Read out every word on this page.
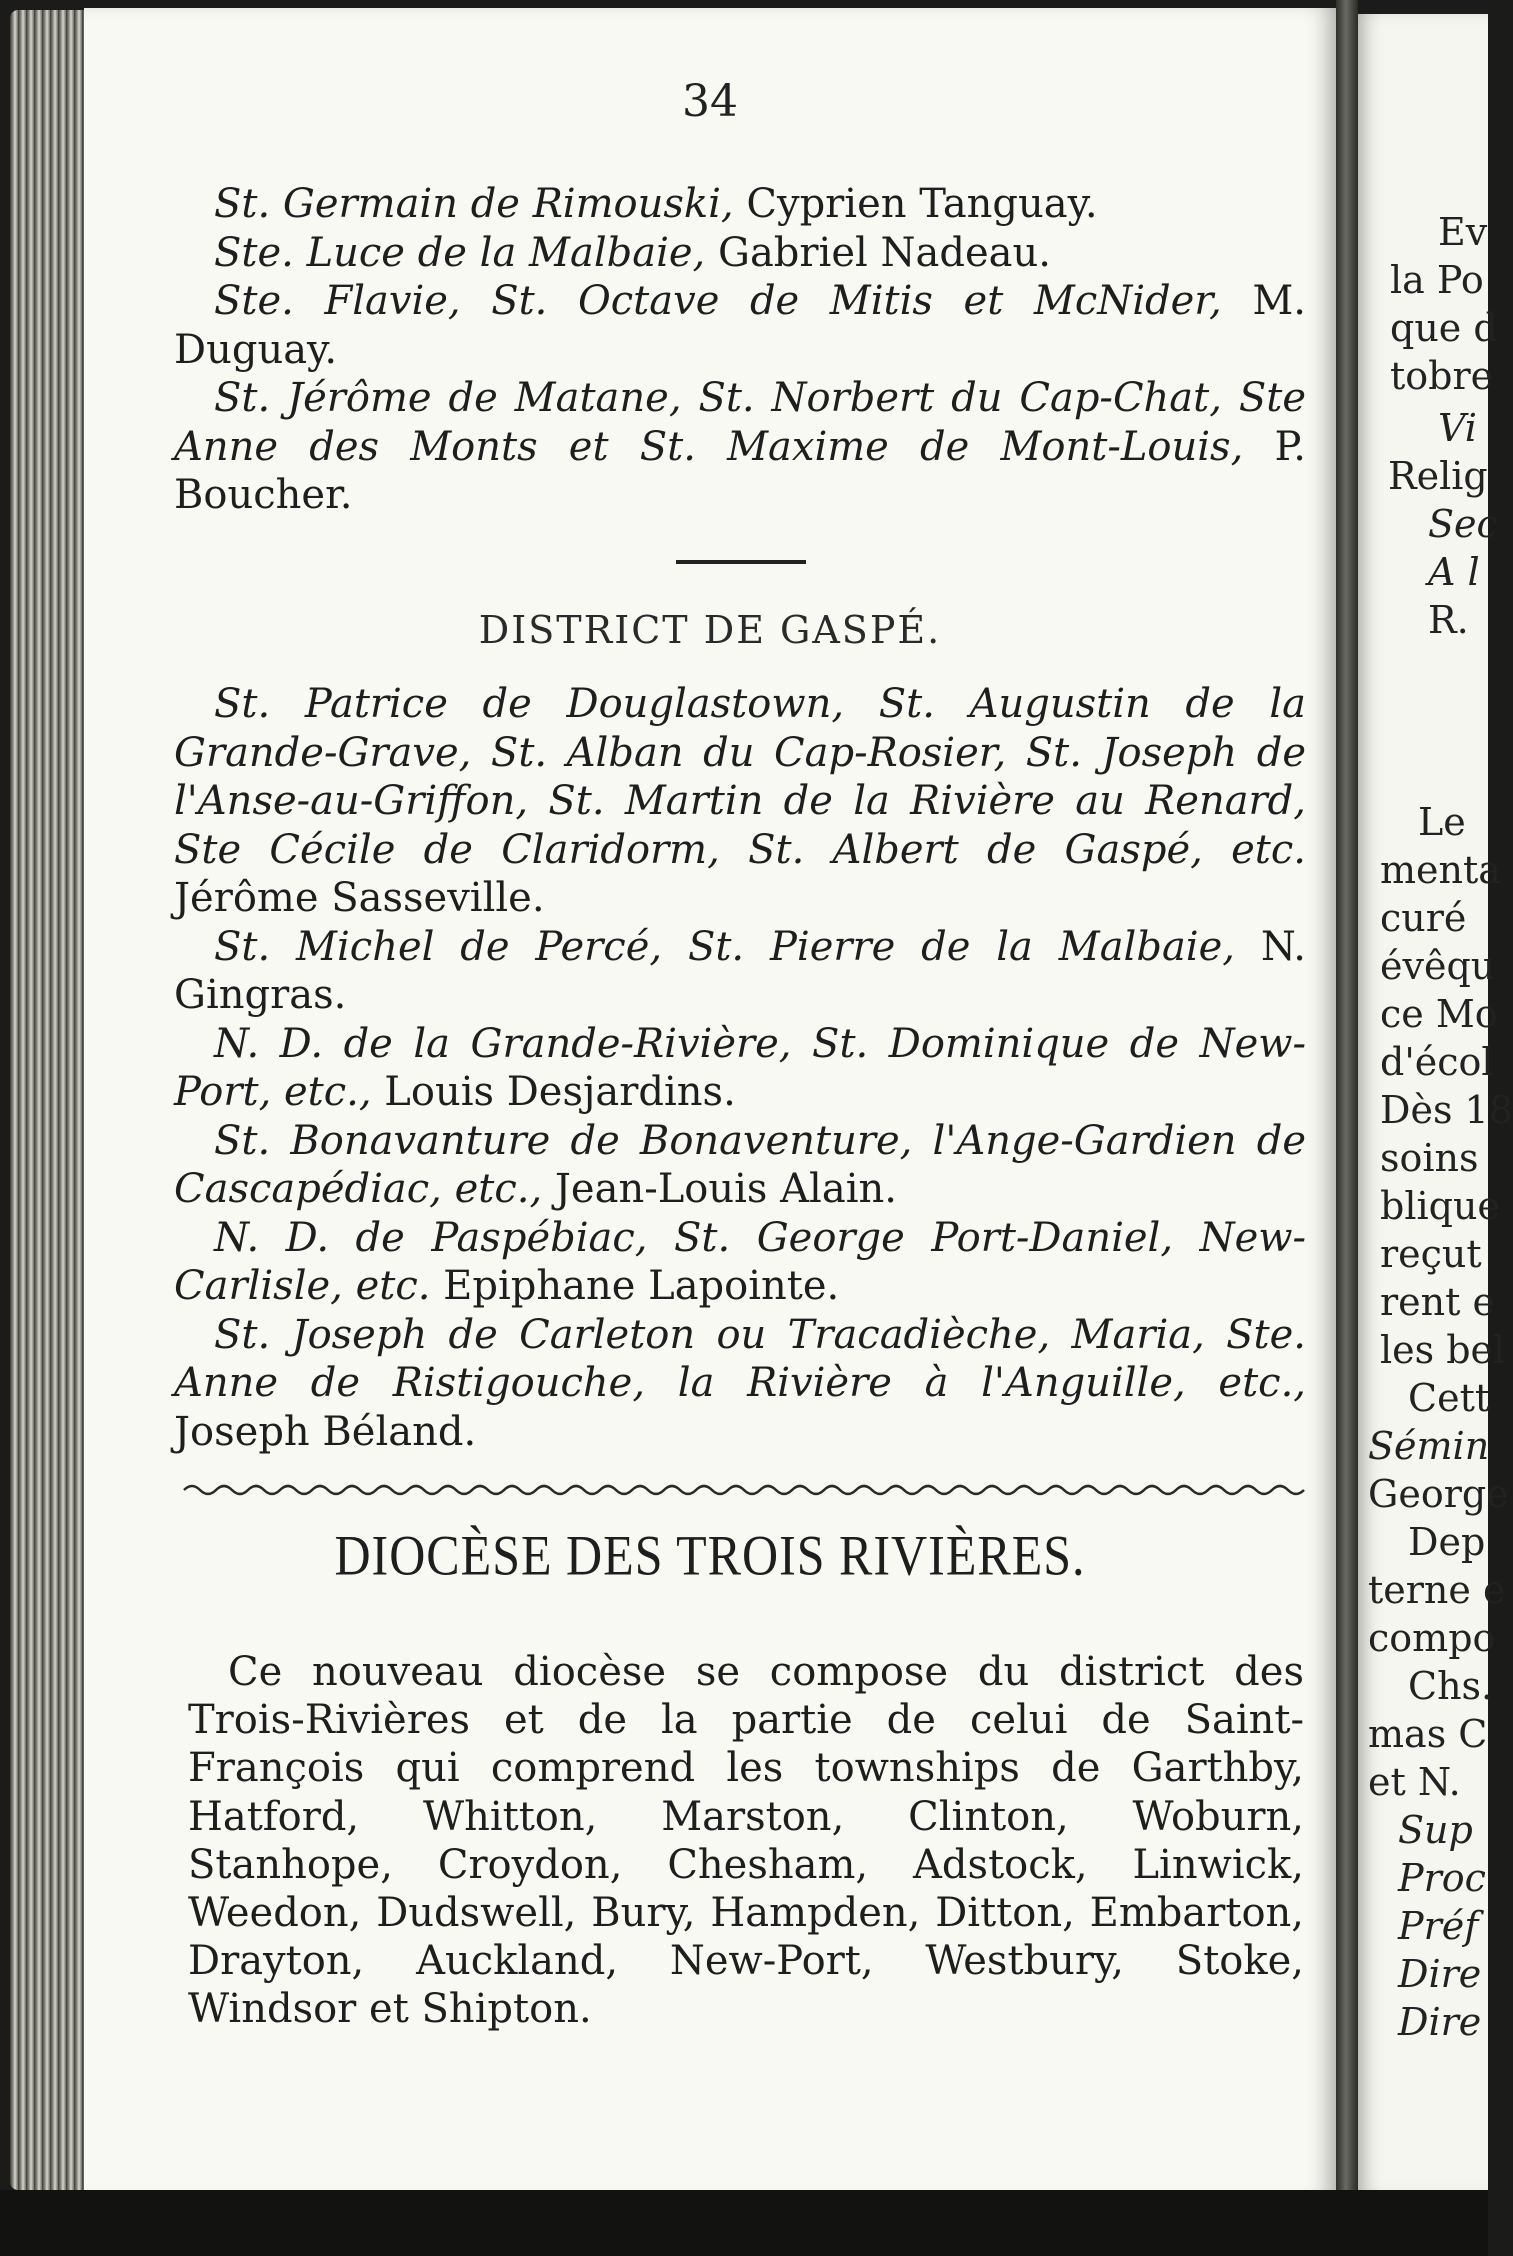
34

St. Germain de Rimouski, Cyprien Tanguay.

Ste. Luce de la Malbaie, Gabriel Nadeau.

Ste. Flavie, St. Octave de Mitis et McNider, M. Duguay.

St. Jérôme de Matane, St. Norbert du Cap-Chat, Ste Anne des Monts et St. Maxime de Mont-Louis, P. Boucher.

DISTRICT DE GASPÉ.

St. Patrice de Douglastown, St. Augustin de la Grande-Grave, St. Alban du Cap-Rosier, St. Joseph de l'Anse-au-Griffon, St. Martin de la Rivière au Renard, Ste Cécile de Claridorm, St. Albert de Gaspé, etc. Jérôme Sasseville.

St. Michel de Percé, St. Pierre de la Malbaie, N. Gingras.

N. D. de la Grande-Rivière, St. Dominique de New-Port, etc., Louis Desjardins.

St. Bonavanture de Bonaventure, l'Ange-Gardien de Cascapédiac, etc., Jean-Louis Alain.

N. D. de Paspébiac, St. George Port-Daniel, New-Carlisle, etc. Epiphane Lapointe.

St. Joseph de Carleton ou Tracadièche, Maria, Ste. Anne de Ristigouche, la Rivière à l'Anguille, etc., Joseph Béland.

DIOCÈSE DES TROIS RIVIÈRES.

Ce nouveau diocèse se compose du district des Trois-Rivières et de la partie de celui de Saint-François qui comprend les townships de Garthby, Hatford, Whitton, Marston, Clinton, Woburn, Stanhope, Croydon, Chesham, Adstock, Linwick, Weedon, Dudswell, Bury, Hampden, Ditton, Embarton, Drayton, Auckland, New-Port, Westbury, Stoke, Windsor et Shipton.

Ev
la Po
que d
tobre
Vi
Relig
Sec
A l
R.
Le
menta
curé
évêqu
ce Mo
d'écol
Dès 18
soins
blique
reçut
rent e
les bel
Cett
Sémin
George
Dep
terne e
compo
Chs.
mas C
et N.
Sup
Proc
Préf
Dire
Dire
